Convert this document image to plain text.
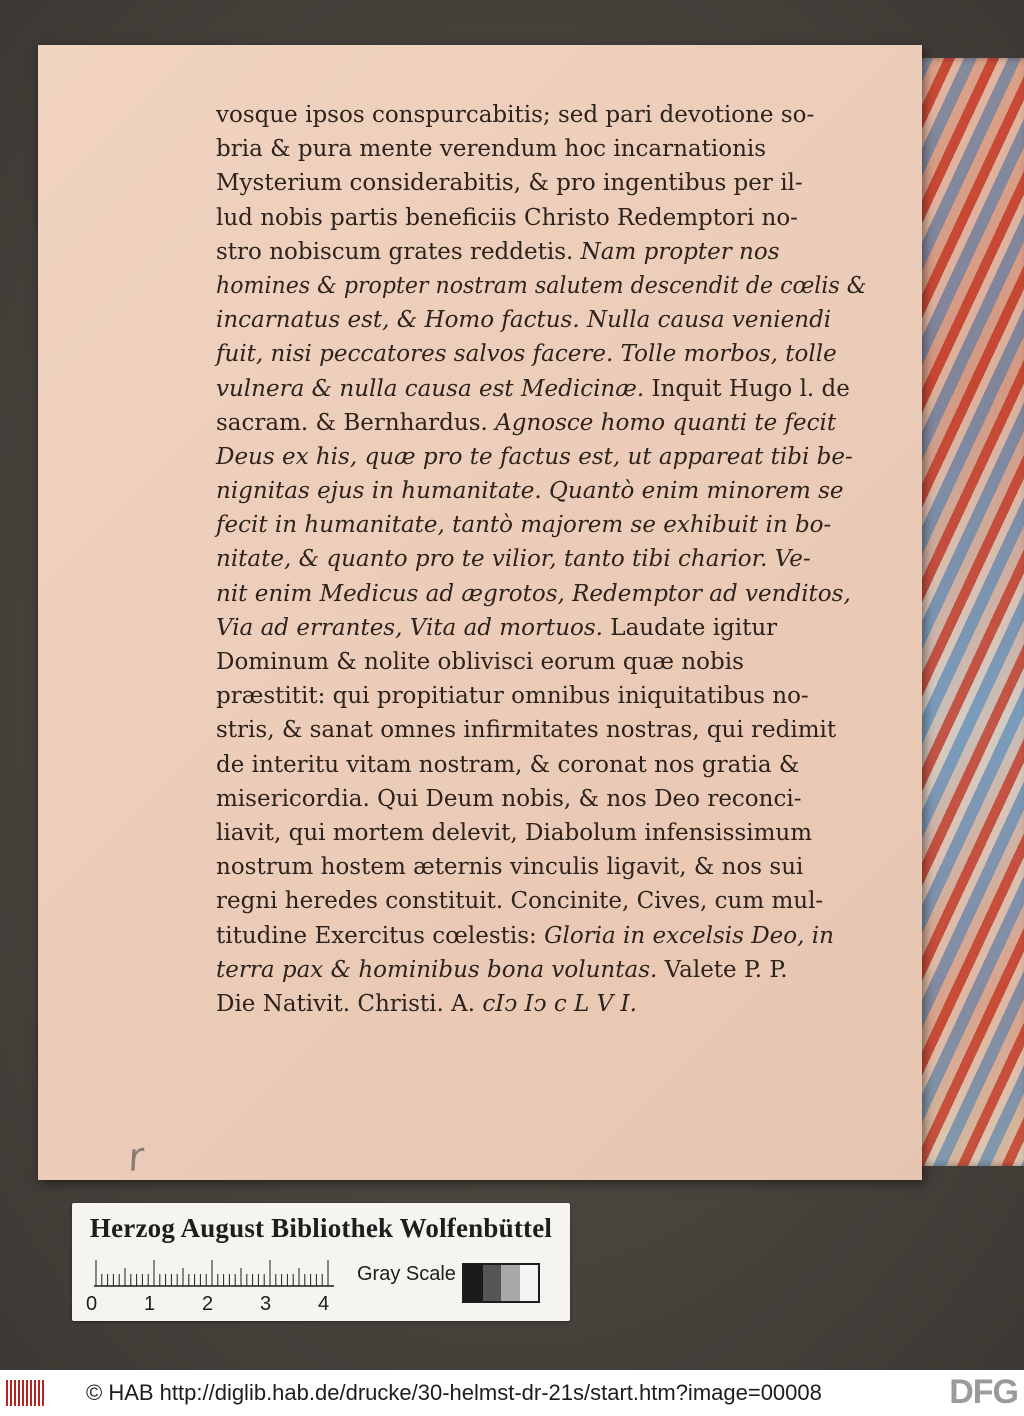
r
vosque ipsos conspurcabitis; sed pari devotione so-
bria & pura mente verendum hoc incarnationis
Mysterium considerabitis, & pro ingentibus per il-
lud nobis partis beneficiis Christo Redemptori no-
stro nobiscum grates reddetis. Nam propter nos
homines & propter nostram salutem descendit de cœlis &
incarnatus est, & Homo factus. Nulla causa veniendi
fuit, nisi peccatores salvos facere. Tolle morbos, tolle
vulnera & nulla causa est Medicinæ. Inquit Hugo l. de
sacram. & Bernhardus. Agnosce homo quanti te fecit
Deus ex his, quæ pro te factus est, ut appareat tibi be-
nignitas ejus in humanitate. Quantò enim minorem se
fecit in humanitate, tantò majorem se exhibuit in bo-
nitate, & quanto pro te vilior, tanto tibi charior. Ve-
nit enim Medicus ad ægrotos, Redemptor ad venditos,
Via ad errantes, Vita ad mortuos. Laudate igitur
Dominum & nolite oblivisci eorum quæ nobis
præstitit: qui propitiatur omnibus iniquitatibus no-
stris, & sanat omnes infirmitates nostras, qui redimit
de interitu vitam nostram, & coronat nos gratia &
misericordia. Qui Deum nobis, & nos Deo reconci-
liavit, qui mortem delevit, Diabolum infensissimum
nostrum hostem æternis vinculis ligavit, & nos sui
regni heredes constituit. Concinite, Cives, cum mul-
titudine Exercitus cœlestis: Gloria in excelsis Deo, in
terra pax & hominibus bona voluntas. Valete P. P.
Die Nativit. Christi. A. cIↄ Iↄ c L V I.
Herzog August Bibliothek Wolfenbüttel
0 1 2 3 4
Gray Scale
© HAB http://diglib.hab.de/drucke/30-helmst-dr-21s/start.htm?image=00008	DFG
